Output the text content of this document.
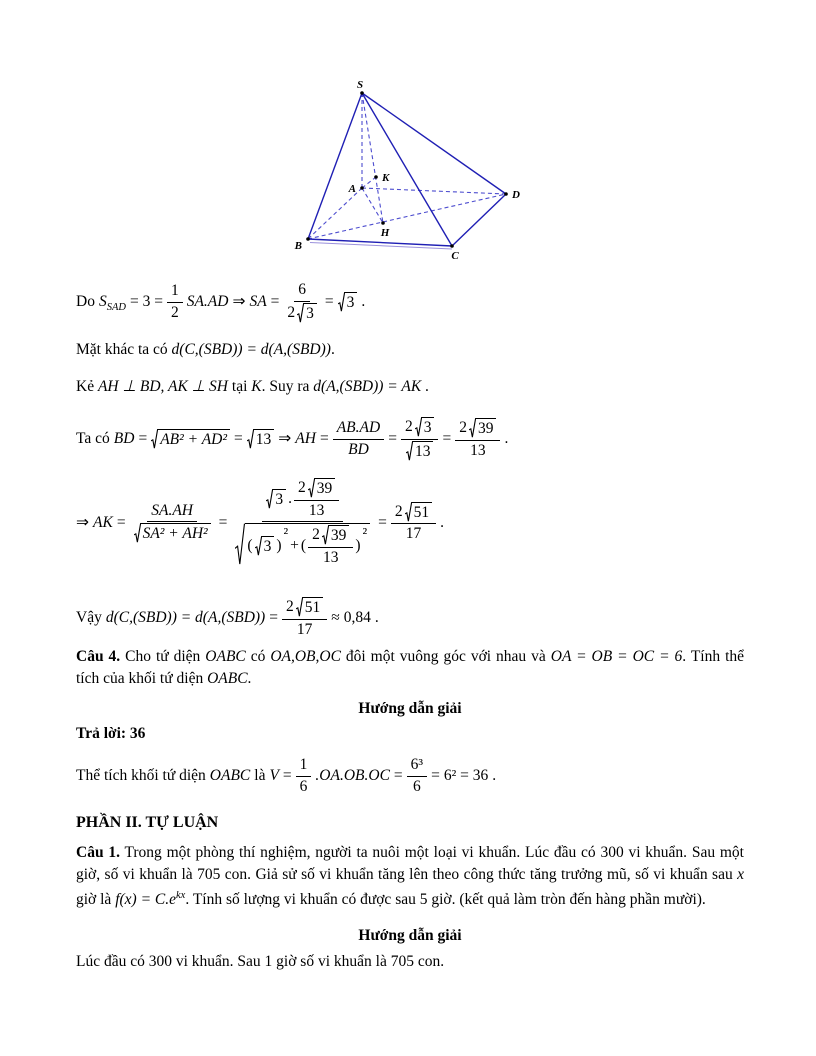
S
A
K
B
C
D
H
Do S SAD = $3 = \frac{1}{2} SA.AD$ ⇒ SA = $\frac{6}{2 3} = 3$ .

Mặt khác ta có d(C,(SBD)) = d(A,(SBD)).

Kẻ AH ⊥ BD, AK ⊥ SH tại K. Suy ra d(A,(SBD)) = AK .

Ta có BD = AB² + AD² = 13 ⇒ AH = $\frac{AB.AD}{BD} = \frac{2 3}{13} = \frac{2 39}{13}$ .
⇒ AK = $\frac{SA.AH}{\text{SA² + AH²}} = 3$ . $\frac{2 39}{13}$
( 3 )
²
+ ( $\frac{2 39}{13}$ )
$^2 = \frac{2 51}{17}$ .
Vậy $d(C,(SBD)) = d(A,(SBD)) = \frac{2 51}{17} \approx 0,84$ .

Câu 4. Cho tứ diện OABC có OA,OB,OC đôi một vuông góc với nhau và OA = OB = OC = 6. Tính thể tích của khối tứ diện OABC.

Hướng dẫn giải

Trả lời: 36

Thể tích khối tứ diện OABC là $V = \frac{1}{6} .OA.OB.OC = \frac{\text{6³}}{6} = 6^2 = 36$ .

PHẦN II. TỰ LUẬN

Câu 1. Trong một phòng thí nghiệm, người ta nuôi một loại vi khuẩn. Lúc đầu có 300 vi khuẩn. Sau một giờ, số vi khuẩn là 705 con. Giả sử số vi khuẩn tăng lên theo công thức tăng trưởng mũ, số vi khuẩn sau x giờ là $f(x) = C.e^{kx}$. Tính số lượng vi khuẩn có được sau 5 giờ. (kết quả làm tròn đến hàng phần mười).

Hướng dẫn giải

Lúc đầu có 300 vi khuẩn. Sau 1 giờ số vi khuẩn là 705 con.
